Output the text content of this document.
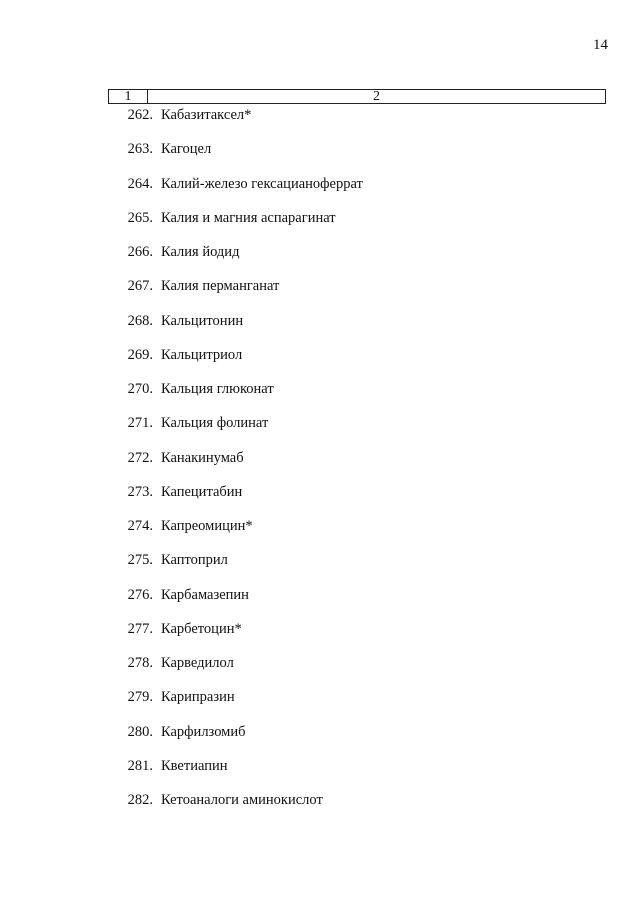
14
1	2
262. Кабазитаксел*
263. Кагоцел
264. Калий-железо гексацианоферрат
265. Калия и магния аспарагинат
266. Калия йодид
267. Калия перманганат
268. Кальцитонин
269. Кальцитриол
270. Кальция глюконат
271. Кальция фолинат
272. Канакинумаб
273. Капецитабин
274. Капреомицин*
275. Каптоприл
276. Карбамазепин
277. Карбетоцин*
278. Карведилол
279. Карипразин
280. Карфилзомиб
281. Кветиапин
282. Кетоаналоги аминокислот
